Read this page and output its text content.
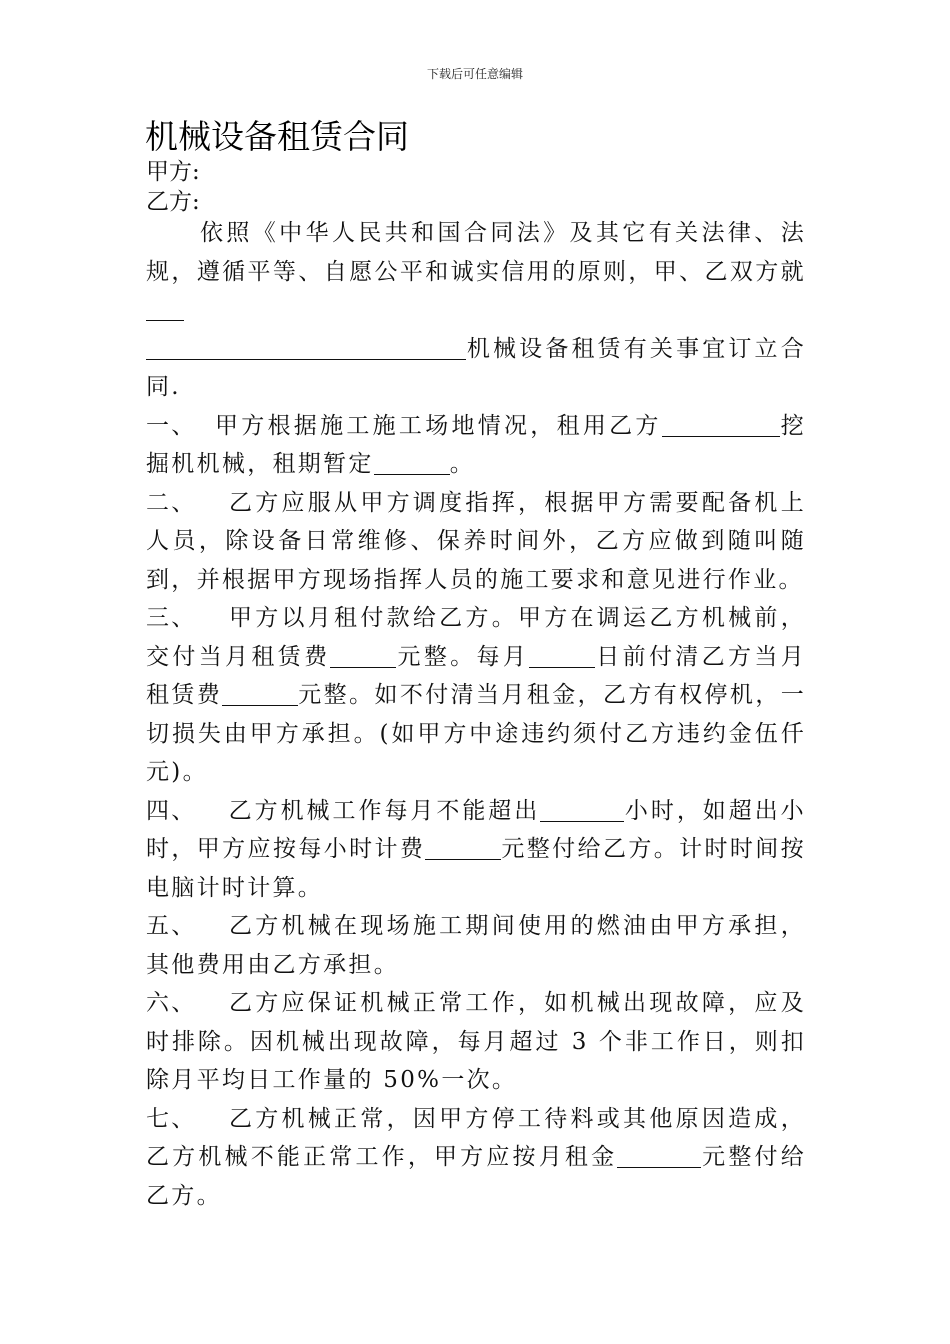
下载后可任意编辑
机械设备租赁合同
甲方:
乙方:

依照《中华人民共和国合同法》及其它有关法律、法规，遵循平等、自愿公平和诚实信用的原则，甲、乙双方就
机械设备租赁有关事宜订立合同.

一、 甲方根据施工施工场地情况，租用乙方	挖掘机机械，租期暂定	。

二、 乙方应服从甲方调度指挥，根据甲方需要配备机上人员，除设备日常维修、保养时间外，乙方应做到随叫随到，并根据甲方现场指挥人员的施工要求和意见进行作业。

三、 甲方以月租付款给乙方。甲方在调运乙方机械前，交付当月租赁费	元整。每月	日前付清乙方当月租赁费	元整。如不付清当月租金，乙方有权停机，一切损失由甲方承担。(如甲方中途违约须付乙方违约金伍仟元)。

四、 乙方机械工作每月不能超出	小时，如超出小时，甲方应按每小时计费	元整付给乙方。计时时间按电脑计时计算。

五、 乙方机械在现场施工期间使用的燃油由甲方承担，其他费用由乙方承担。

六、 乙方应保证机械正常工作，如机械出现故障，应及时排除。因机械出现故障，每月超过 3 个非工作日，则扣除月平均日工作量的 50%一次。

七、 乙方机械正常，因甲方停工待料或其他原因造成，乙方机械不能正常工作，甲方应按月租金	元整付给乙方。
